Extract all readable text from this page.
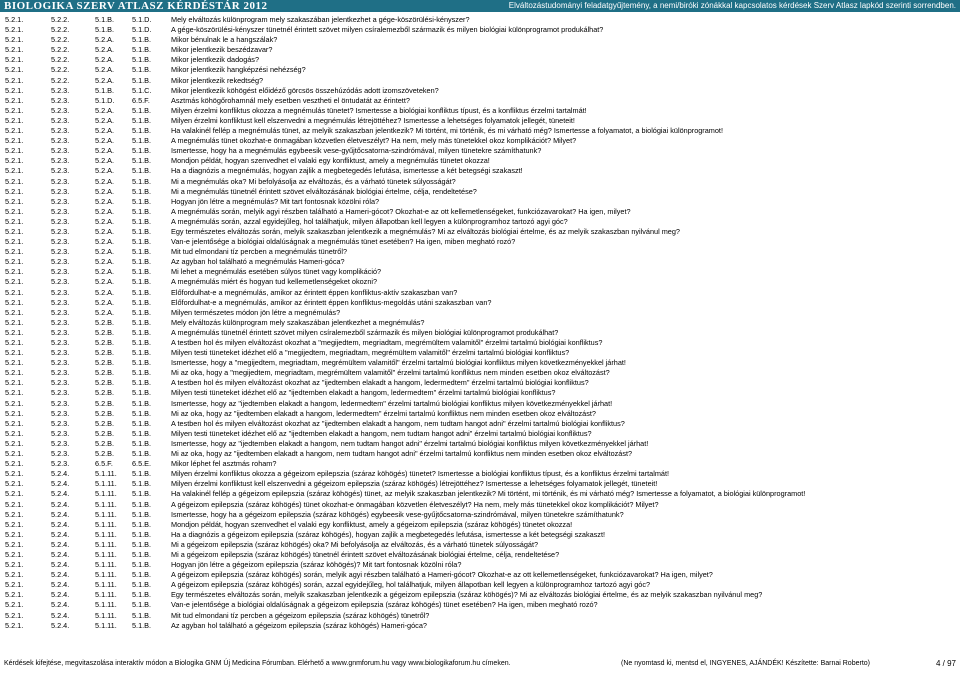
BIOLOGIKA SZERV ATLASZ KÉRDÉSTÁR 2012	Elváltozástudományi feladatgyűjtemény, a nemi/biróki zónákkal kapcsolatos kérdések Szerv Atlasz lapkód szerinti sorrendben.
5.2.1.	5.2.2.	5.1.B. 5.1.D.	Mely elváltozás különprogram mely szakaszában jelentkezhet a gége-köszörülési-kényszer?
5.2.1.	5.2.2.	5.1.B. 5.1.D.	A gége-köszörülési-kényszer tünetnél érintett szövet milyen csíralemezből származik és milyen biológiai különprogramot produkálhat?
5.2.1.	5.2.2.	5.2.A. 5.1.B.	Mikor bénulnak le a hangszálak?
5.2.1.	5.2.2.	5.2.A. 5.1.B.	Mikor jelentkezik beszédzavar?
5.2.1.	5.2.2.	5.2.A. 5.1.B.	Mikor jelentkezik dadogás?
5.2.1.	5.2.2.	5.2.A. 5.1.B.	Mikor jelentkezik hangképzési nehézség?
5.2.1.	5.2.2.	5.2.A. 5.1.B.	Mikor jelentkezik rekedtség?
5.2.1.	5.2.3.	5.1.B. 5.1.C.	Mikor jelentkezik köhögést előidéző görcsös összehúzódás adott izomszöveteken?
5.2.1.	5.2.3.	5.1.D. 6.5.F.	Asztmás köhögőrohamnál mely esetben vesztheti el öntudatát az érintett?
5.2.1.	5.2.3.	5.2.A. 5.1.B.	Milyen érzelmi konfliktus okozza a megnémulás tünetet? Ismertesse a biológiai konfliktus típust, és a konfliktus érzelmi tartalmát!
5.2.1.	5.2.3.	5.2.A. 5.1.B.	Milyen érzelmi konfliktust kell elszenvedni a megnémulás létrejöttéhez? Ismertesse a lehetséges folyamatok jellegét, tüneteit!
5.2.1.	5.2.3.	5.2.A. 5.1.B.	Ha valakinél fellép a megnémulás tünet, az melyik szakaszban jelentkezik? Mi történt, mi történik, és mi várható még? Ismertesse a folyamatot, a biológiai különprogramot!
5.2.1.	5.2.3.	5.2.A. 5.1.B.	A megnémulás tünet okozhat-e önmagában közvetlen életveszélyt? Ha nem, mely más tünetekkel okoz komplikációt? Milyet?
5.2.1.	5.2.3.	5.2.A. 5.1.B.	Ismertesse, hogy ha a megnémulás egybeesik vese-gyűjtőcsatorna-szindrómával, milyen tünetekre számíthatunk?
5.2.1.	5.2.3.	5.2.A. 5.1.B.	Mondjon példát, hogyan szenvedhet el valaki egy konfliktust, amely a megnémulás tünetet okozza!
5.2.1.	5.2.3.	5.2.A. 5.1.B.	Ha a diagnózis a megnémulás, hogyan zajlik a megbetegedés lefutása, ismertesse a két betegségi szakaszt!
5.2.1.	5.2.3.	5.2.A. 5.1.B.	Mi a megnémulás oka? Mi befolyásolja az elváltozás, és a várható tünetek súlyosságát?
5.2.1.	5.2.3.	5.2.A. 5.1.B.	Mi a megnémulás tünetnél érintett szövet elváltozásának biológiai értelme, célja, rendeltetése?
5.2.1.	5.2.3.	5.2.A. 5.1.B.	Hogyan jön létre a megnémulás? Mit tart fontosnak közölni róla?
5.2.1.	5.2.3.	5.2.A. 5.1.B.	A megnémulás során, melyik agyi részben található a Hameri-gócot? Okozhat-e az ott kellemetlenségeket, funkciózavarokat? Ha igen, milyet?
5.2.1.	5.2.3.	5.2.A. 5.1.B.	A megnémulás során, azzal egyidejűleg, hol találhatjuk, milyen állapotban kell legyen a különprogramhoz tartozó agyi góc?
5.2.1.	5.2.3.	5.2.A. 5.1.B.	Egy természetes elváltozás során, melyik szakaszban jelentkezik a megnémulás? Mi az elváltozás biológiai értelme, és az melyik szakaszban nyilvánul meg?
5.2.1.	5.2.3.	5.2.A. 5.1.B.	Van-e jelentősége a biológiai oldalúságnak a megnémulás tünet esetében? Ha igen, miben megható rozó?
5.2.1.	5.2.3.	5.2.A. 5.1.B.	Mit tud elmondani tíz percben a megnémulás tünetről?
5.2.1.	5.2.3.	5.2.A. 5.1.B.	Az agyban hol található a megnémulás Hameri-góca?
5.2.1.	5.2.3.	5.2.A. 5.1.B.	Mi lehet a megnémulás esetében súlyos tünet vagy komplikáció?
5.2.1.	5.2.3.	5.2.A. 5.1.B.	A megnémulás miért és hogyan tud kellemetlenségeket okozni?
5.2.1.	5.2.3.	5.2.A. 5.1.B.	Előfordulhat-e a megnémulás, amikor az érintett éppen konfliktus-aktív szakaszban van?
5.2.1.	5.2.3.	5.2.A. 5.1.B.	Előfordulhat-e a megnémulás, amikor az érintett éppen konfliktus-megoldás utáni szakaszban van?
5.2.1.	5.2.3.	5.2.A. 5.1.B.	Milyen természetes módon jön létre a megnémulás?
5.2.1.	5.2.3.	5.2.B. 5.1.B.	Mely elváltozás különprogram mely szakaszában jelentkezhet a megnémulás?
5.2.1.	5.2.3.	5.2.B. 5.1.B.	A megnémulás tünetnél érintett szövet milyen csíralemezből származik és milyen biológiai különprogramot produkálhat?
5.2.1.	5.2.3.	5.2.B. 5.1.B.	A testben hol és milyen elváltozást okozhat a "megijedtem, megriadtam, megrémültem valamitől" érzelmi tartalmú biológiai konfliktus?
5.2.1.	5.2.3.	5.2.B. 5.1.B.	Milyen testi tüneteket idézhet elő a "megijedtem, megriadtam, megrémültem valamitől" érzelmi tartalmú biológiai konfliktus?
5.2.1.	5.2.3.	5.2.B. 5.1.B.	Ismertesse, hogy a "megijedtem, megriadtam, megrémültem valamitől" érzelmi tartalmú biológiai konfliktus milyen következményekkel járhat!
5.2.1.	5.2.3.	5.2.B. 5.1.B.	Mi az oka, hogy a "megijedtem, megriadtam, megrémültem valamitől" érzelmi tartalmú konfliktus nem minden esetben okoz elváltozást?
5.2.1.	5.2.3.	5.2.B. 5.1.B.	A testben hol és milyen elváltozást okozhat az "ijedtemben elakadt a hangom, ledermedtem" érzelmi tartalmú biológiai konfliktus?
5.2.1.	5.2.3.	5.2.B. 5.1.B.	Milyen testi tüneteket idézhet elő az "ijedtemben elakadt a hangom, ledermedtem" érzelmi tartalmú biológiai konfliktus?
5.2.1.	5.2.3.	5.2.B. 5.1.B.	Ismertesse, hogy az "ijedtemben elakadt a hangom, ledermedtem" érzelmi tartalmú biológiai konfliktus milyen következményekkel járhat!
5.2.1.	5.2.3.	5.2.B. 5.1.B.	Mi az oka, hogy az "ijedtemben elakadt a hangom, ledermedtem" érzelmi tartalmú konfliktus nem minden esetben okoz elváltozást?
5.2.1.	5.2.3.	5.2.B. 5.1.B.	A testben hol és milyen elváltozást okozhat az "ijedtemben elakadt a hangom, nem tudtam hangot adni" érzelmi tartalmú biológiai konfliktus?
5.2.1.	5.2.3.	5.2.B. 5.1.B.	Milyen testi tüneteket idézhet elő az "ijedtemben elakadt a hangom, nem tudtam hangot adni" érzelmi tartalmú biológiai konfliktus?
5.2.1.	5.2.3.	5.2.B. 5.1.B.	Ismertesse, hogy az "ijedtemben elakadt a hangom, nem tudtam hangot adni" érzelmi tartalmú biológiai konfliktus milyen következményekkel járhat!
5.2.1.	5.2.3.	5.2.B. 5.1.B.	Mi az oka, hogy az "ijedtemben elakadt a hangom, nem tudtam hangot adni" érzelmi tartalmú konfliktus nem minden esetben okoz elváltozást?
5.2.1.	5.2.3.	6.5.F.	6.5.E.	Mikor léphet fel asztmás roham?
5.2.1.	5.2.4.	5.1.11. 5.1.B.	Milyen érzelmi konfliktus okozza a gégeizom epilepszia (száraz köhögés) tünetet? Ismertesse a biológiai konfliktus típust, és a konfliktus érzelmi tartalmát!
5.2.1.	5.2.4.	5.1.11. 5.1.B.	Milyen érzelmi konfliktust kell elszenvedni a gégeizom epilepszia (száraz köhögés) létrejöttéhez? Ismertesse a lehetséges folyamatok jellegét, tüneteit!
5.2.1.	5.2.4.	5.1.11. 5.1.B.	Ha valakinél fellép a gégeizom epilepszia (száraz köhögés) tünet, az melyik szakaszban jelentkezik? Mi történt, mi történik, és mi várható még? Ismertesse a folyamatot, a biológiai különprogramot!
5.2.1.	5.2.4.	5.1.11. 5.1.B.	A gégeizom epilepszia (száraz köhögés) tünet okozhat-e önmagában közvetlen életveszélyt? Ha nem, mely más tünetekkel okoz komplikációt? Milyet?
5.2.1.	5.2.4.	5.1.11. 5.1.B.	Ismertesse, hogy ha a gégeizom epilepszia (száraz köhögés) egybeesik vese-gyűjtőcsatorna-szindrómával, milyen tünetekre számíthatunk?
5.2.1.	5.2.4.	5.1.11. 5.1.B.	Mondjon példát, hogyan szenvedhet el valaki egy konfliktust, amely a gégeizom epilepszia (száraz köhögés) tünetet okozza!
5.2.1.	5.2.4.	5.1.11. 5.1.B.	Ha a diagnózis a gégeizom epilepszia (száraz köhögés), hogyan zajlik a megbetegedés lefutása, ismertesse a két betegségi szakaszt!
5.2.1.	5.2.4.	5.1.11. 5.1.B.	Mi a gégeizom epilepszia (száraz köhögés) oka? Mi befolyásolja az elváltozás, és a várható tünetek súlyosságát?
5.2.1.	5.2.4.	5.1.11. 5.1.B.	Mi a gégeizom epilepszia (száraz köhögés) tünetnél érintett szövet elváltozásának biológiai értelme, célja, rendeltetése?
5.2.1.	5.2.4.	5.1.11. 5.1.B.	Hogyan jön létre a gégeizom epilepszia (száraz köhögés)? Mit tart fontosnak közölni róla?
5.2.1.	5.2.4.	5.1.11. 5.1.B.	A gégeizom epilepszia (száraz köhögés) során, melyik agyi részben található a Hameri-gócot? Okozhat-e az ott kellemetlenségeket, funkciózavarokat? Ha igen, milyet?
5.2.1.	5.2.4.	5.1.11. 5.1.B.	A gégeizom epilepszia (száraz köhögés) során, azzal egyidejűleg, hol találhatjuk, milyen állapotban kell legyen a különprogramhoz tartozó agyi góc?
5.2.1.	5.2.4.	5.1.11. 5.1.B.	Egy természetes elváltozás során, melyik szakaszban jelentkezik a gégeizom epilepszia (száraz köhögés)? Mi az elváltozás biológiai értelme, és az melyik szakaszban nyilvánul meg?
5.2.1.	5.2.4.	5.1.11. 5.1.B.	Van-e jelentősége a biológiai oldalúságnak a gégeizom epilepszia (száraz köhögés) tünet esetében? Ha igen, miben megható rozó?
5.2.1.	5.2.4.	5.1.11. 5.1.B.	Mit tud elmondani tíz percben a gégeizom epilepszia (száraz köhögés) tünetről?
5.2.1.	5.2.4.	5.1.11. 5.1.B.	Az agyban hol található a gégeizom epilepszia (száraz köhögés) Hameri-góca?
Kérdések kifejtése, megvitaszolása interaktív módon a Biologika GNM Új Medicina Fórumban. Elérhető a www.gnmforum.hu vagy www.biologikaforum.hu címeken.	(Ne nyomtasd ki, mentsd el, INGYENES, AJÁNDÉK! Készítette: Barnai Roberto)	4 / 97
